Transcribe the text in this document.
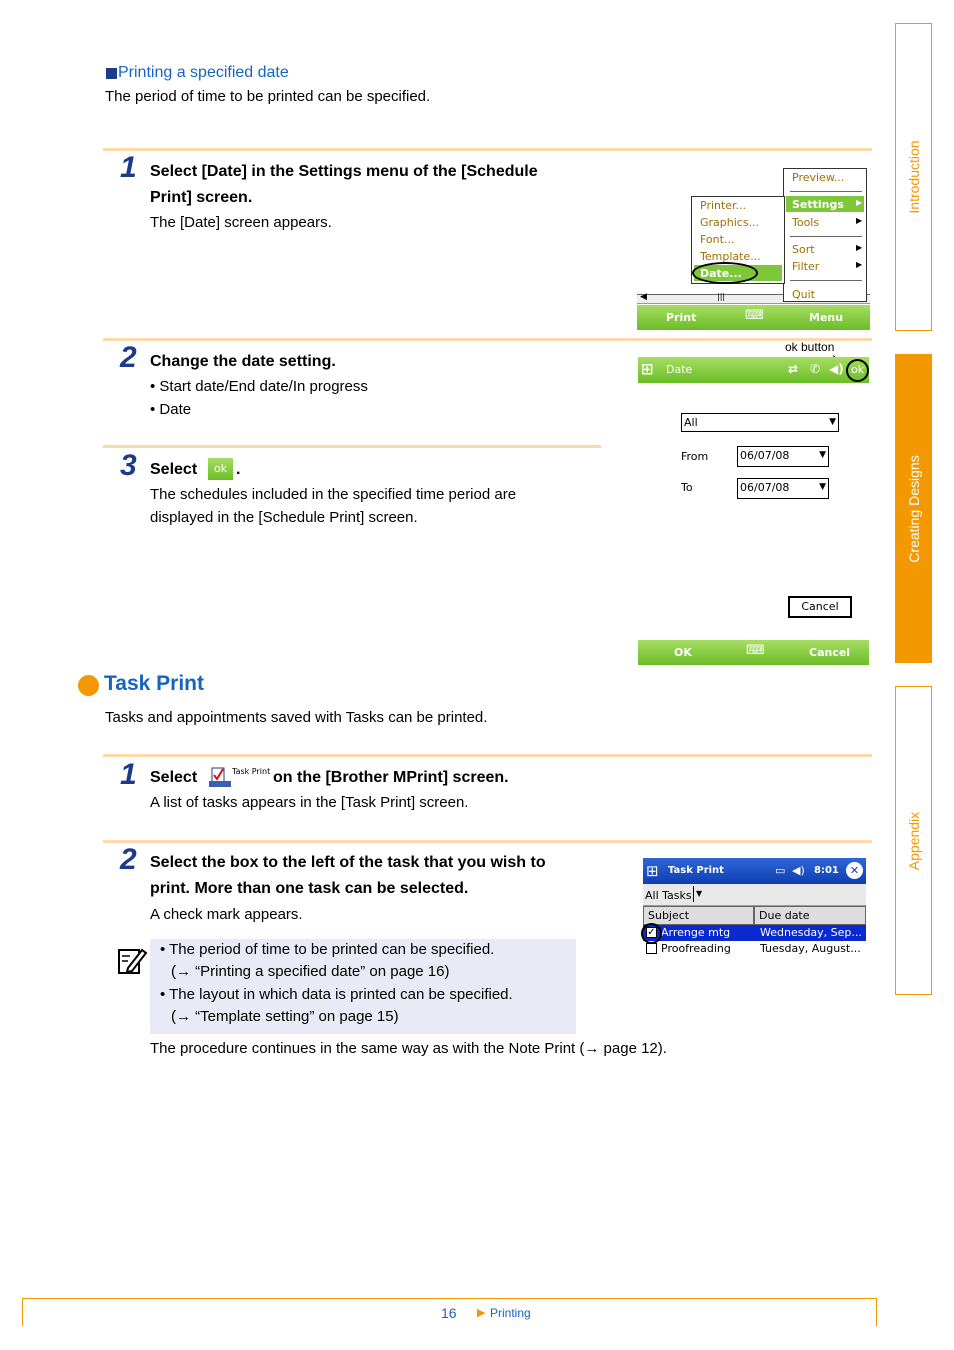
Introduction
Creating Designs
Appendix
Printing a specified date
The period of time to be printed can be specified.
1 Select [Date] in the Settings menu of the [Schedule
Print] screen.
The [Date] screen appears.
◀	|||
Preview...
Settings ▶
Tools	▶
Sort	▶
Filter	▶
Quit
Printer...
Graphics...
Font...
Template...
Date...
Print	⌨	Menu
2 Change the date setting.
• Start date/End date/In progress
• Date
3 Select	ok .
The schedules included in the specified time period are
displayed in the [Schedule Print] screen.
ok button
⊞ Date	⇄ ✆ ◀) ok
All	▼
From	06/07/08	▼
To	06/07/08	▼
Cancel
OK	⌨	Cancel
Task Print
Tasks and appointments saved with Tasks can be printed.
1 Select	Task Print on the [Brother MPrint] screen.
A list of tasks appears in the [Task Print] screen.
2 Select the box to the left of the task that you wish to
print. More than one task can be selected.
A check mark appears.
⊞ Task Print	▭ ◀) 8:01	✕
All Tasks ▼
Subject	Due date
✓ Arrenge mtg	Wednesday, Sep...
Proofreading	Tuesday, August...
• The period of time to be printed can be specified.
(→ “Printing a specified date” on page 16)
• The layout in which data is printed can be specified.
(→ “Template setting” on page 15)
The procedure continues in the same way as with the Note Print (→ page 12).
16 ▶ Printing
